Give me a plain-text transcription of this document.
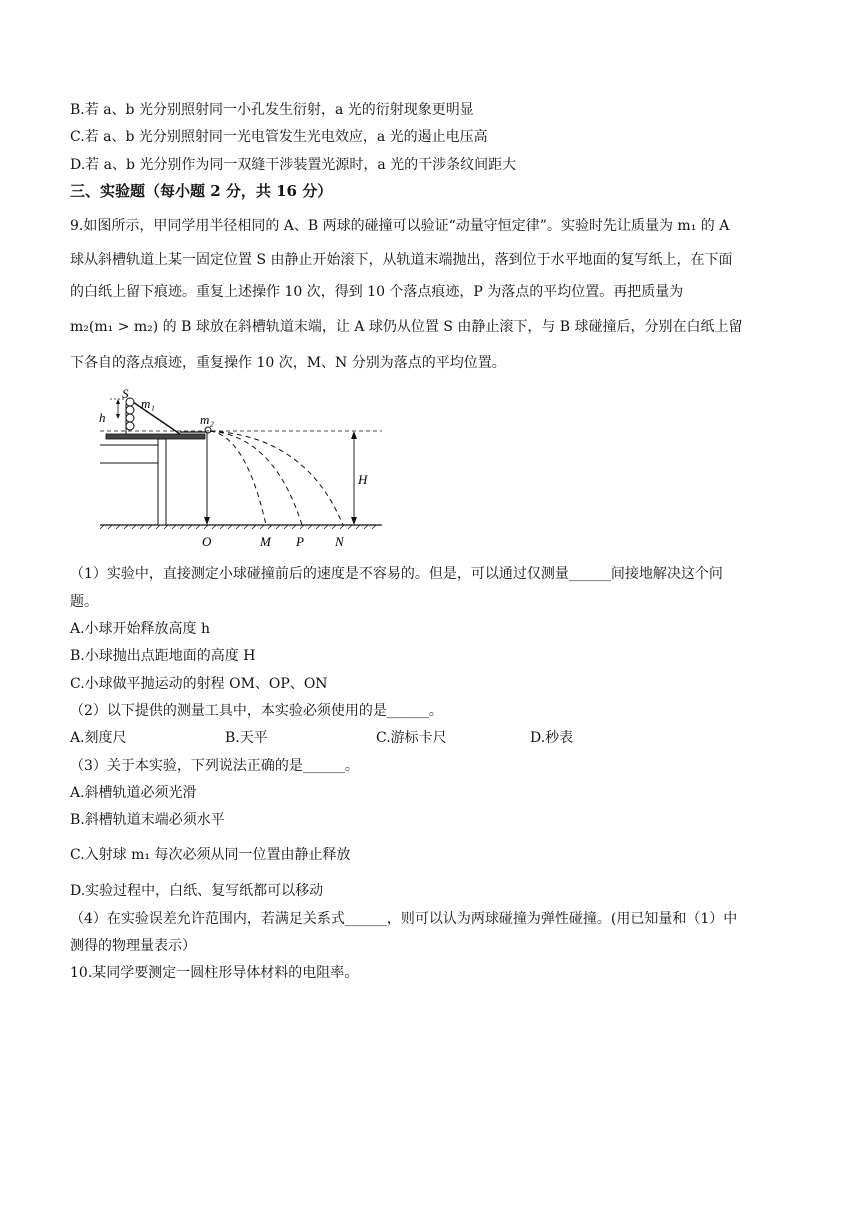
B.若 a、b 光分别照射同一小孔发生衍射，a 光的衍射现象更明显
C.若 a、b 光分别照射同一光电管发生光电效应，a 光的遏止电压高
D.若 a、b 光分别作为同一双缝干涉装置光源时，a 光的干涉条纹间距大
三、实验题（每小题 2 分，共 16 分）
9.如图所示，甲同学用半径相同的 A、B 两球的碰撞可以验证“动量守恒定律”。实验时先让质量为 m₁ 的 A
球从斜槽轨道上某一固定位置 S 由静止开始滚下，从轨道末端抛出，落到位于水平地面的复写纸上，在下面
的白纸上留下痕迹。重复上述操作 10 次，得到 10 个落点痕迹，P 为落点的平均位置。再把质量为
m₂(m₁ > m₂) 的 B 球放在斜槽轨道末端，让 A 球仍从位置 S 由静止滚下，与 B 球碰撞后，分别在白纸上留
下各自的落点痕迹，重复操作 10 次，M、N 分别为落点的平均位置。
S
h
m₁
m₂
H
O	M P N
（1）实验中，直接测定小球碰撞前后的速度是不容易的。但是，可以通过仅测量______间接地解决这个问
题。
A.小球开始释放高度 h
B.小球抛出点距地面的高度 H
C.小球做平抛运动的射程 OM、OP、ON
（2）以下提供的测量工具中，本实验必须使用的是______。
A.刻度尺	B.天平	C.游标卡尺	D.秒表
（3）关于本实验，下列说法正确的是______。
A.斜槽轨道必须光滑
B.斜槽轨道末端必须水平
C.入射球 m₁ 每次必须从同一位置由静止释放
D.实验过程中，白纸、复写纸都可以移动
（4）在实验误差允许范围内，若满足关系式______，则可以认为两球碰撞为弹性碰撞。(用已知量和（1）中
测得的物理量表示）
10.某同学要测定一圆柱形导体材料的电阻率。
